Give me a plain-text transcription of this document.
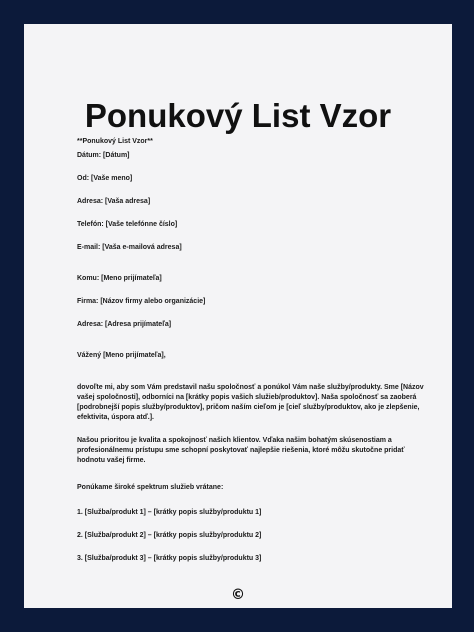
Ponukový List Vzor

**Ponukový List Vzor**

Dátum: [Dátum]

Od: [Vaše meno]

Adresa: [Vaša adresa]

Telefón: [Vaše telefónne číslo]

E-mail: [Vaša e-mailová adresa]

Komu: [Meno prijímateľa]

Firma: [Názov firmy alebo organizácie]

Adresa: [Adresa prijímateľa]

Vážený [Meno prijímateľa],

dovoľte mi, aby som Vám predstavil našu spoločnosť a ponúkol Vám naše služby/produkty. Sme [Názov vašej spoločnosti], odborníci na [krátky popis vašich služieb/produktov]. Naša spoločnosť sa zaoberá [podrobnejší popis služby/produktov], pričom naším cieľom je [cieľ služby/produktov, ako je zlepšenie, efektivita, úspora atď.].

Našou prioritou je kvalita a spokojnosť našich klientov. Vďaka našim bohatým skúsenostiam a profesionálnemu prístupu sme schopní poskytovať najlepšie riešenia, ktoré môžu skutočne pridať hodnotu vašej firme.

Ponúkame široké spektrum služieb vrátane:

1. [Služba/produkt 1] – [krátky popis služby/produktu 1]

2. [Služba/produkt 2] – [krátky popis služby/produktu 2]

3. [Služba/produkt 3] – [krátky popis služby/produktu 3]

©
